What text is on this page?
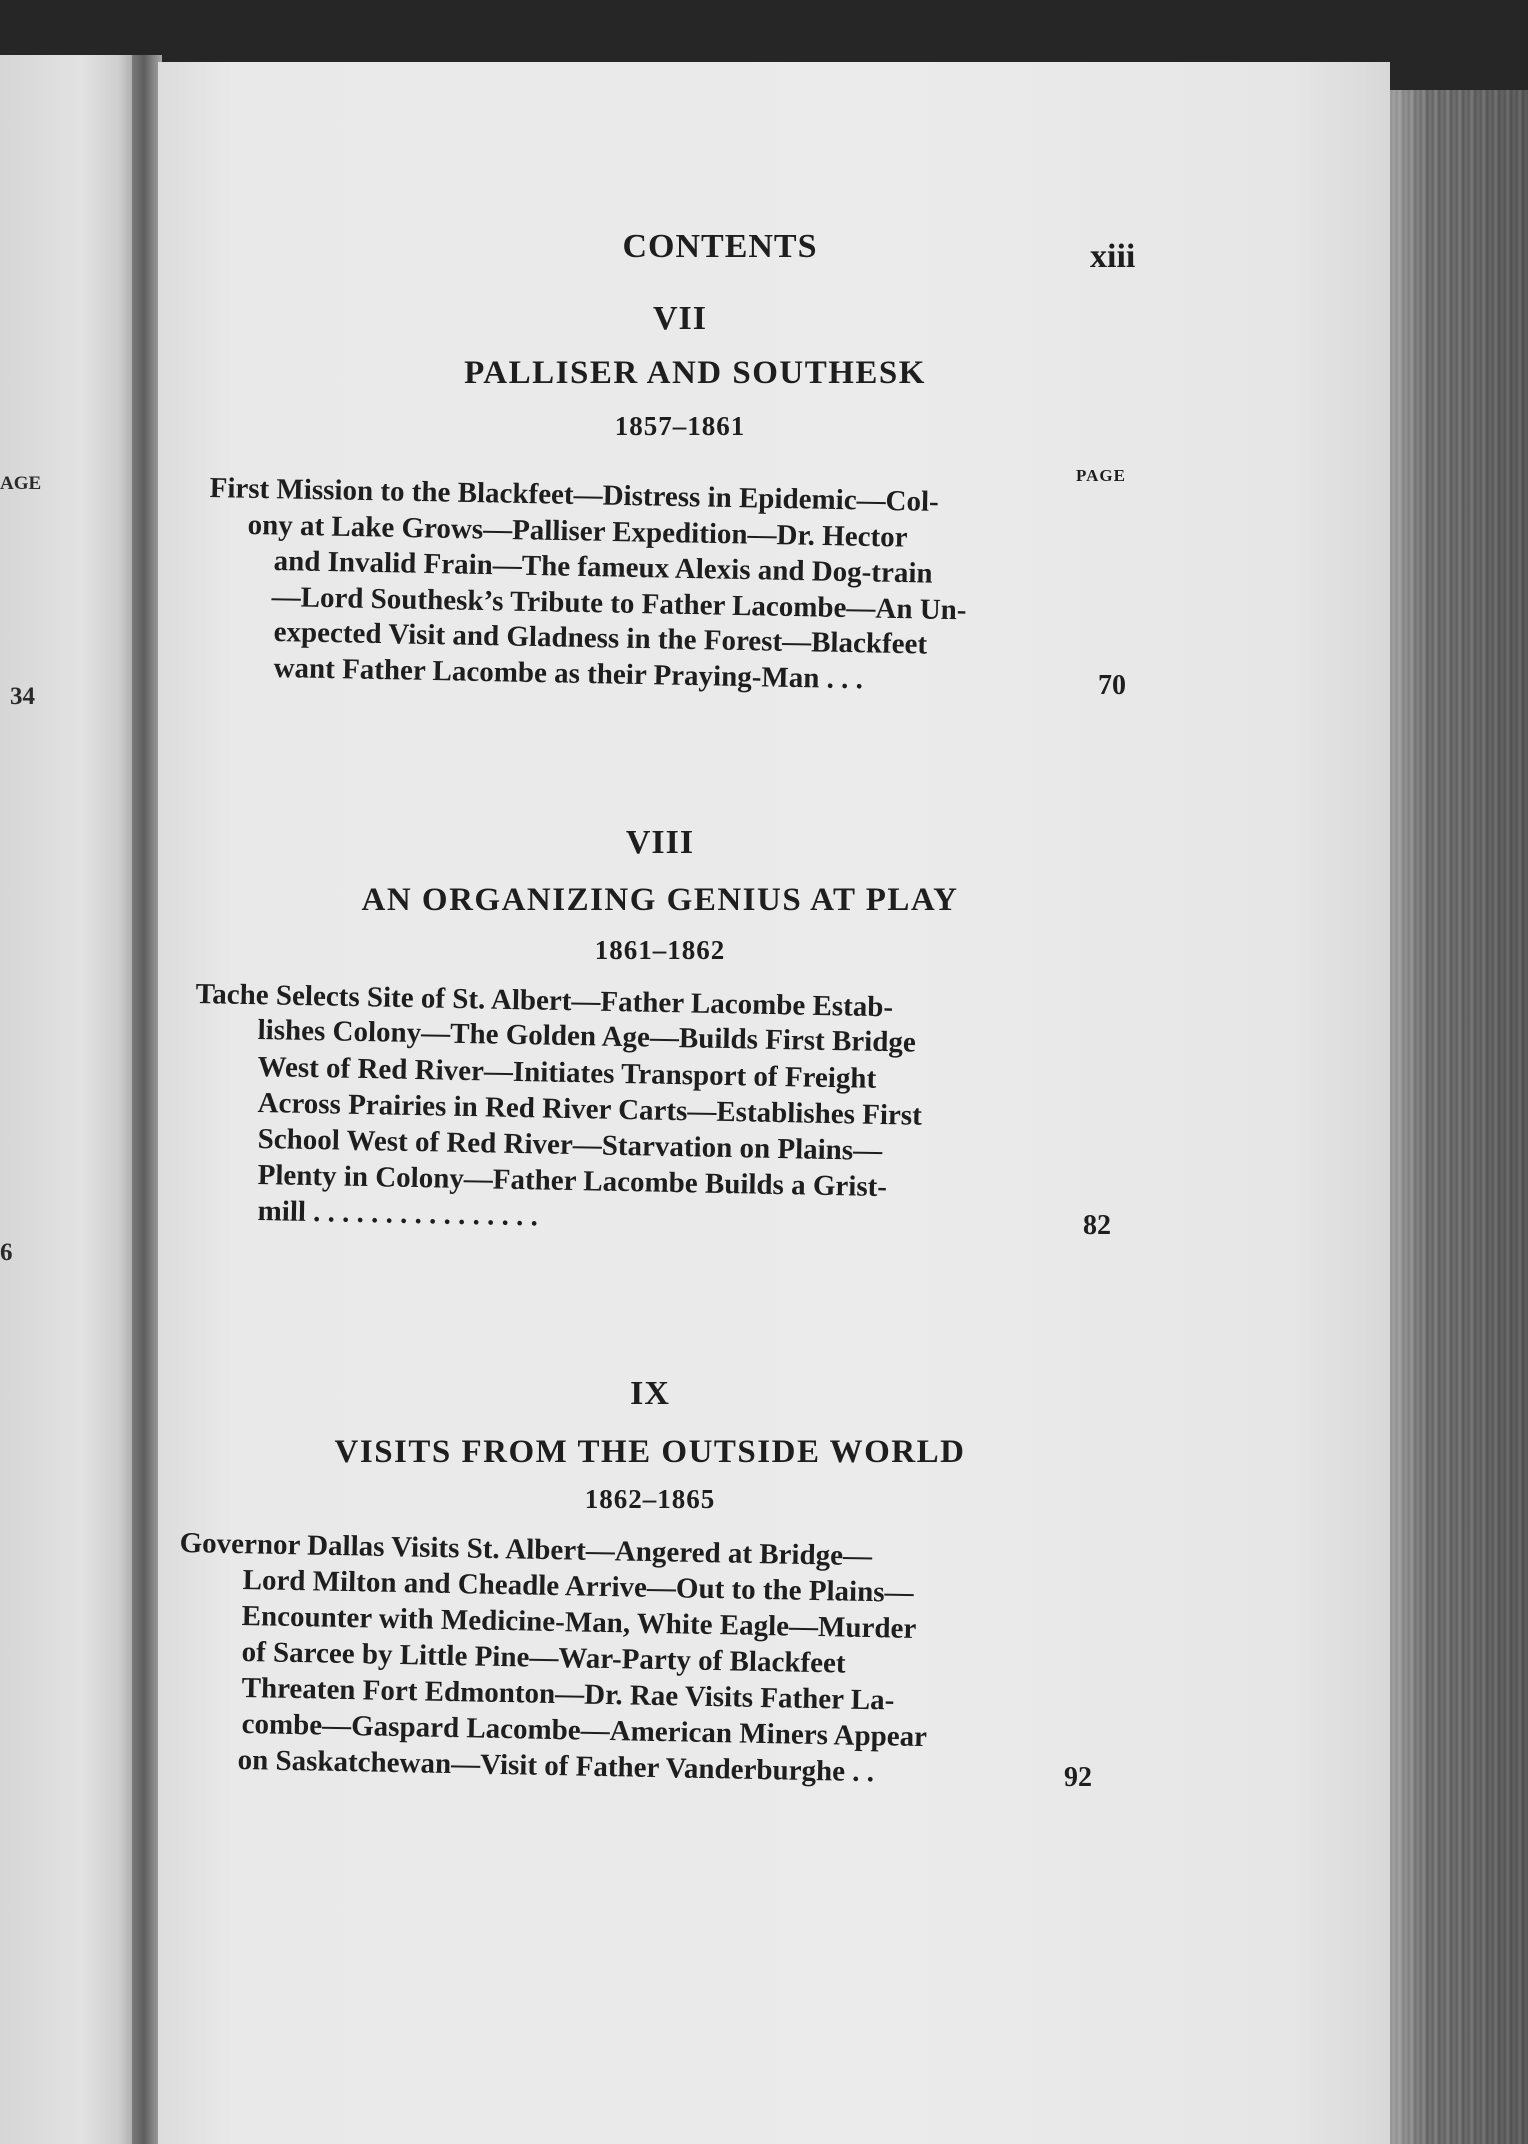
AGE
34
6
CONTENTS	xiii
VII
PALLISER AND SOUTHESK
1857–1861
PAGE
First Mission to the Blackfeet—Distress in Epidemic—Col-
ony at Lake Grows—Palliser Expedition—Dr. Hector
and Invalid Frain—The fameux Alexis and Dog-train
—Lord Southesk’s Tribute to Father Lacombe—An Un-
expected Visit and Gladness in the Forest—Blackfeet
want Father Lacombe as their Praying-Man . . .	70
VIII
AN ORGANIZING GENIUS AT PLAY
1861–1862
Tache Selects Site of St. Albert—Father Lacombe Estab-
lishes Colony—The Golden Age—Builds First Bridge
West of Red River—Initiates Transport of Freight
Across Prairies in Red River Carts—Establishes First
School West of Red River—Starvation on Plains—
Plenty in Colony—Father Lacombe Builds a Grist-
mill . . . . . . . . . . . . . . . .	82
IX
VISITS FROM THE OUTSIDE WORLD
1862–1865
Governor Dallas Visits St. Albert—Angered at Bridge—
Lord Milton and Cheadle Arrive—Out to the Plains—
Encounter with Medicine-Man, White Eagle—Murder
of Sarcee by Little Pine—War-Party of Blackfeet
Threaten Fort Edmonton—Dr. Rae Visits Father La-
combe—Gaspard Lacombe—American Miners Appear
on Saskatchewan—Visit of Father Vanderburghe . .	92
